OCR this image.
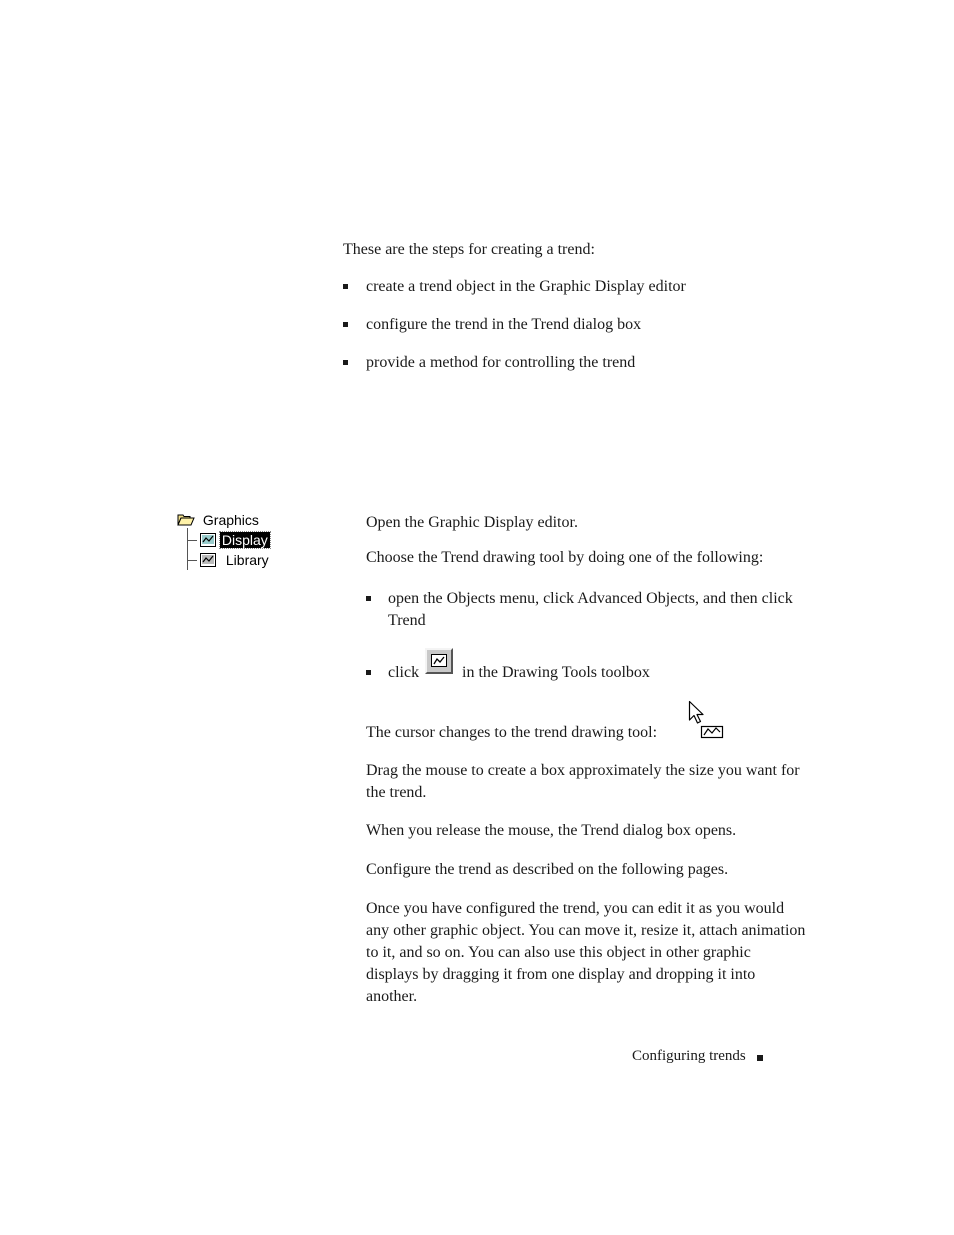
These are the steps for creating a trend:

create a trend object in the Graphic Display editor

configure the trend in the Trend dialog box

provide a method for controlling the trend

Graphics
Display
Library

Open the Graphic Display editor.

Choose the Trend drawing tool by doing one of the following:

open the Objects menu, click Advanced Objects, and then click Trend

click	in the Drawing Tools toolbox

The cursor changes to the trend drawing tool:

Drag the mouse to create a box approximately the size you want for the trend.

When you release the mouse, the Trend dialog box opens.

Configure the trend as described on the following pages.

Once you have configured the trend, you can edit it as you would any other graphic object. You can move it, resize it, attach animation to it, and so on. You can also use this object in other graphic displays by dragging it from one display and dropping it into another.

Configuring trends
